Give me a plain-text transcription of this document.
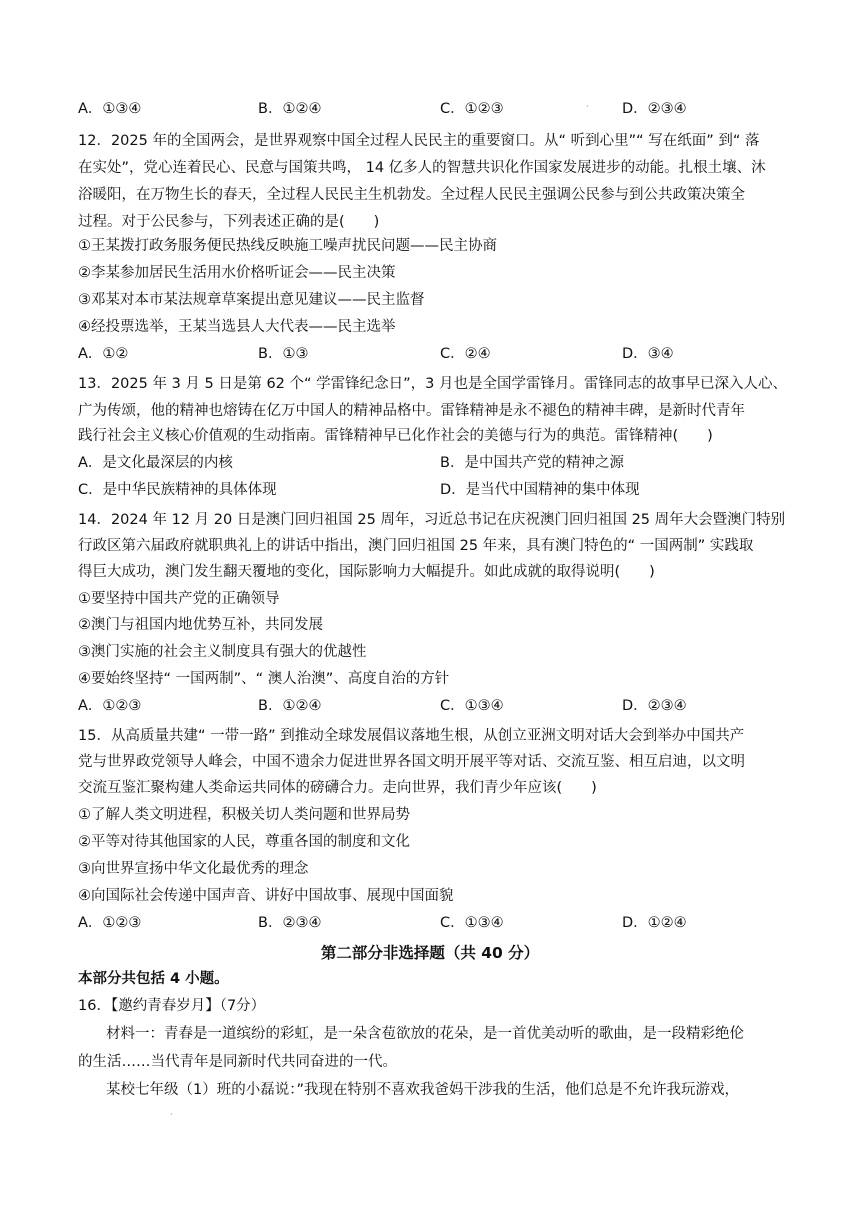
A．①③④	B．①②④	C．①②③	D．②③④
12．2025 年的全国两会，是世界观察中国全过程人民民主的重要窗口。从“ 听到心里”“ 写在纸面” 到“ 落
在实处”，党心连着民心、民意与国策共鸣， 14 亿多人的智慧共识化作国家发展进步的动能。扎根土壤、沐
浴暖阳，在万物生长的春天，全过程人民民主生机勃发。全过程人民民主强调公民参与到公共政策决策全
过程。对于公民参与，下列表述正确的是(　　)
①王某拨打政务服务便民热线反映施工噪声扰民问题——民主协商
②李某参加居民生活用水价格听证会——民主决策
③邓某对本市某法规章草案提出意见建议——民主监督
④经投票选举，王某当选县人大代表——民主选举
A．①②	B．①③	C．②④	D．③④
13．2025 年 3 月 5 日是第 62 个“ 学雷锋纪念日”，3 月也是全国学雷锋月。雷锋同志的故事早已深入人心、
广为传颂，他的精神也熔铸在亿万中国人的精神品格中。雷锋精神是永不褪色的精神丰碑，是新时代青年
践行社会主义核心价值观的生动指南。雷锋精神早已化作社会的美德与行为的典范。雷锋精神(　　)
A．是文化最深层的内核	B．是中国共产党的精神之源
C．是中华民族精神的具体体现	D．是当代中国精神的集中体现
14．2024 年 12 月 20 日是澳门回归祖国 25 周年，习近总书记在庆祝澳门回归祖国 25 周年大会暨澳门特别
行政区第六届政府就职典礼上的讲话中指出，澳门回归祖国 25 年来，具有澳门特色的“ 一国两制” 实践取
得巨大成功，澳门发生翻天覆地的变化，国际影响力大幅提升。如此成就的取得说明(　　)
①要坚持中国共产党的正确领导
②澳门与祖国内地优势互补，共同发展
③澳门实施的社会主义制度具有强大的优越性
④要始终坚持“ 一国两制”、“ 澳人治澳”、高度自治的方针
A．①②③	B．①②④	C．①③④	D．②③④
15．从高质量共建“ 一带一路” 到推动全球发展倡议落地生根，从创立亚洲文明对话大会到举办中国共产
党与世界政党领导人峰会，中国不遗余力促进世界各国文明开展平等对话、交流互鉴、相互启迪，以文明
交流互鉴汇聚构建人类命运共同体的磅礴合力。走向世界，我们青少年应该(　　)
①了解人类文明进程，积极关切人类问题和世界局势
②平等对待其他国家的人民，尊重各国的制度和文化
③向世界宣扬中华文化最优秀的理念
④向国际社会传递中国声音、讲好中国故事、展现中国面貌
A．①②③	B．②③④	C．①③④	D．①②④
第二部分非选择题（共 40 分）
本部分共包括 4 小题。
16．【邀约青春岁月】（7分）
材料一：青春是一道缤纷的彩虹，是一朵含苞欲放的花朵，是一首优美动听的歌曲，是一段精彩绝伦
的生活……当代青年是同新时代共同奋进的一代。
某校七年级（1）班的小磊说：”我现在特别不喜欢我爸妈干涉我的生活，他们总是不允许我玩游戏，
·
·
